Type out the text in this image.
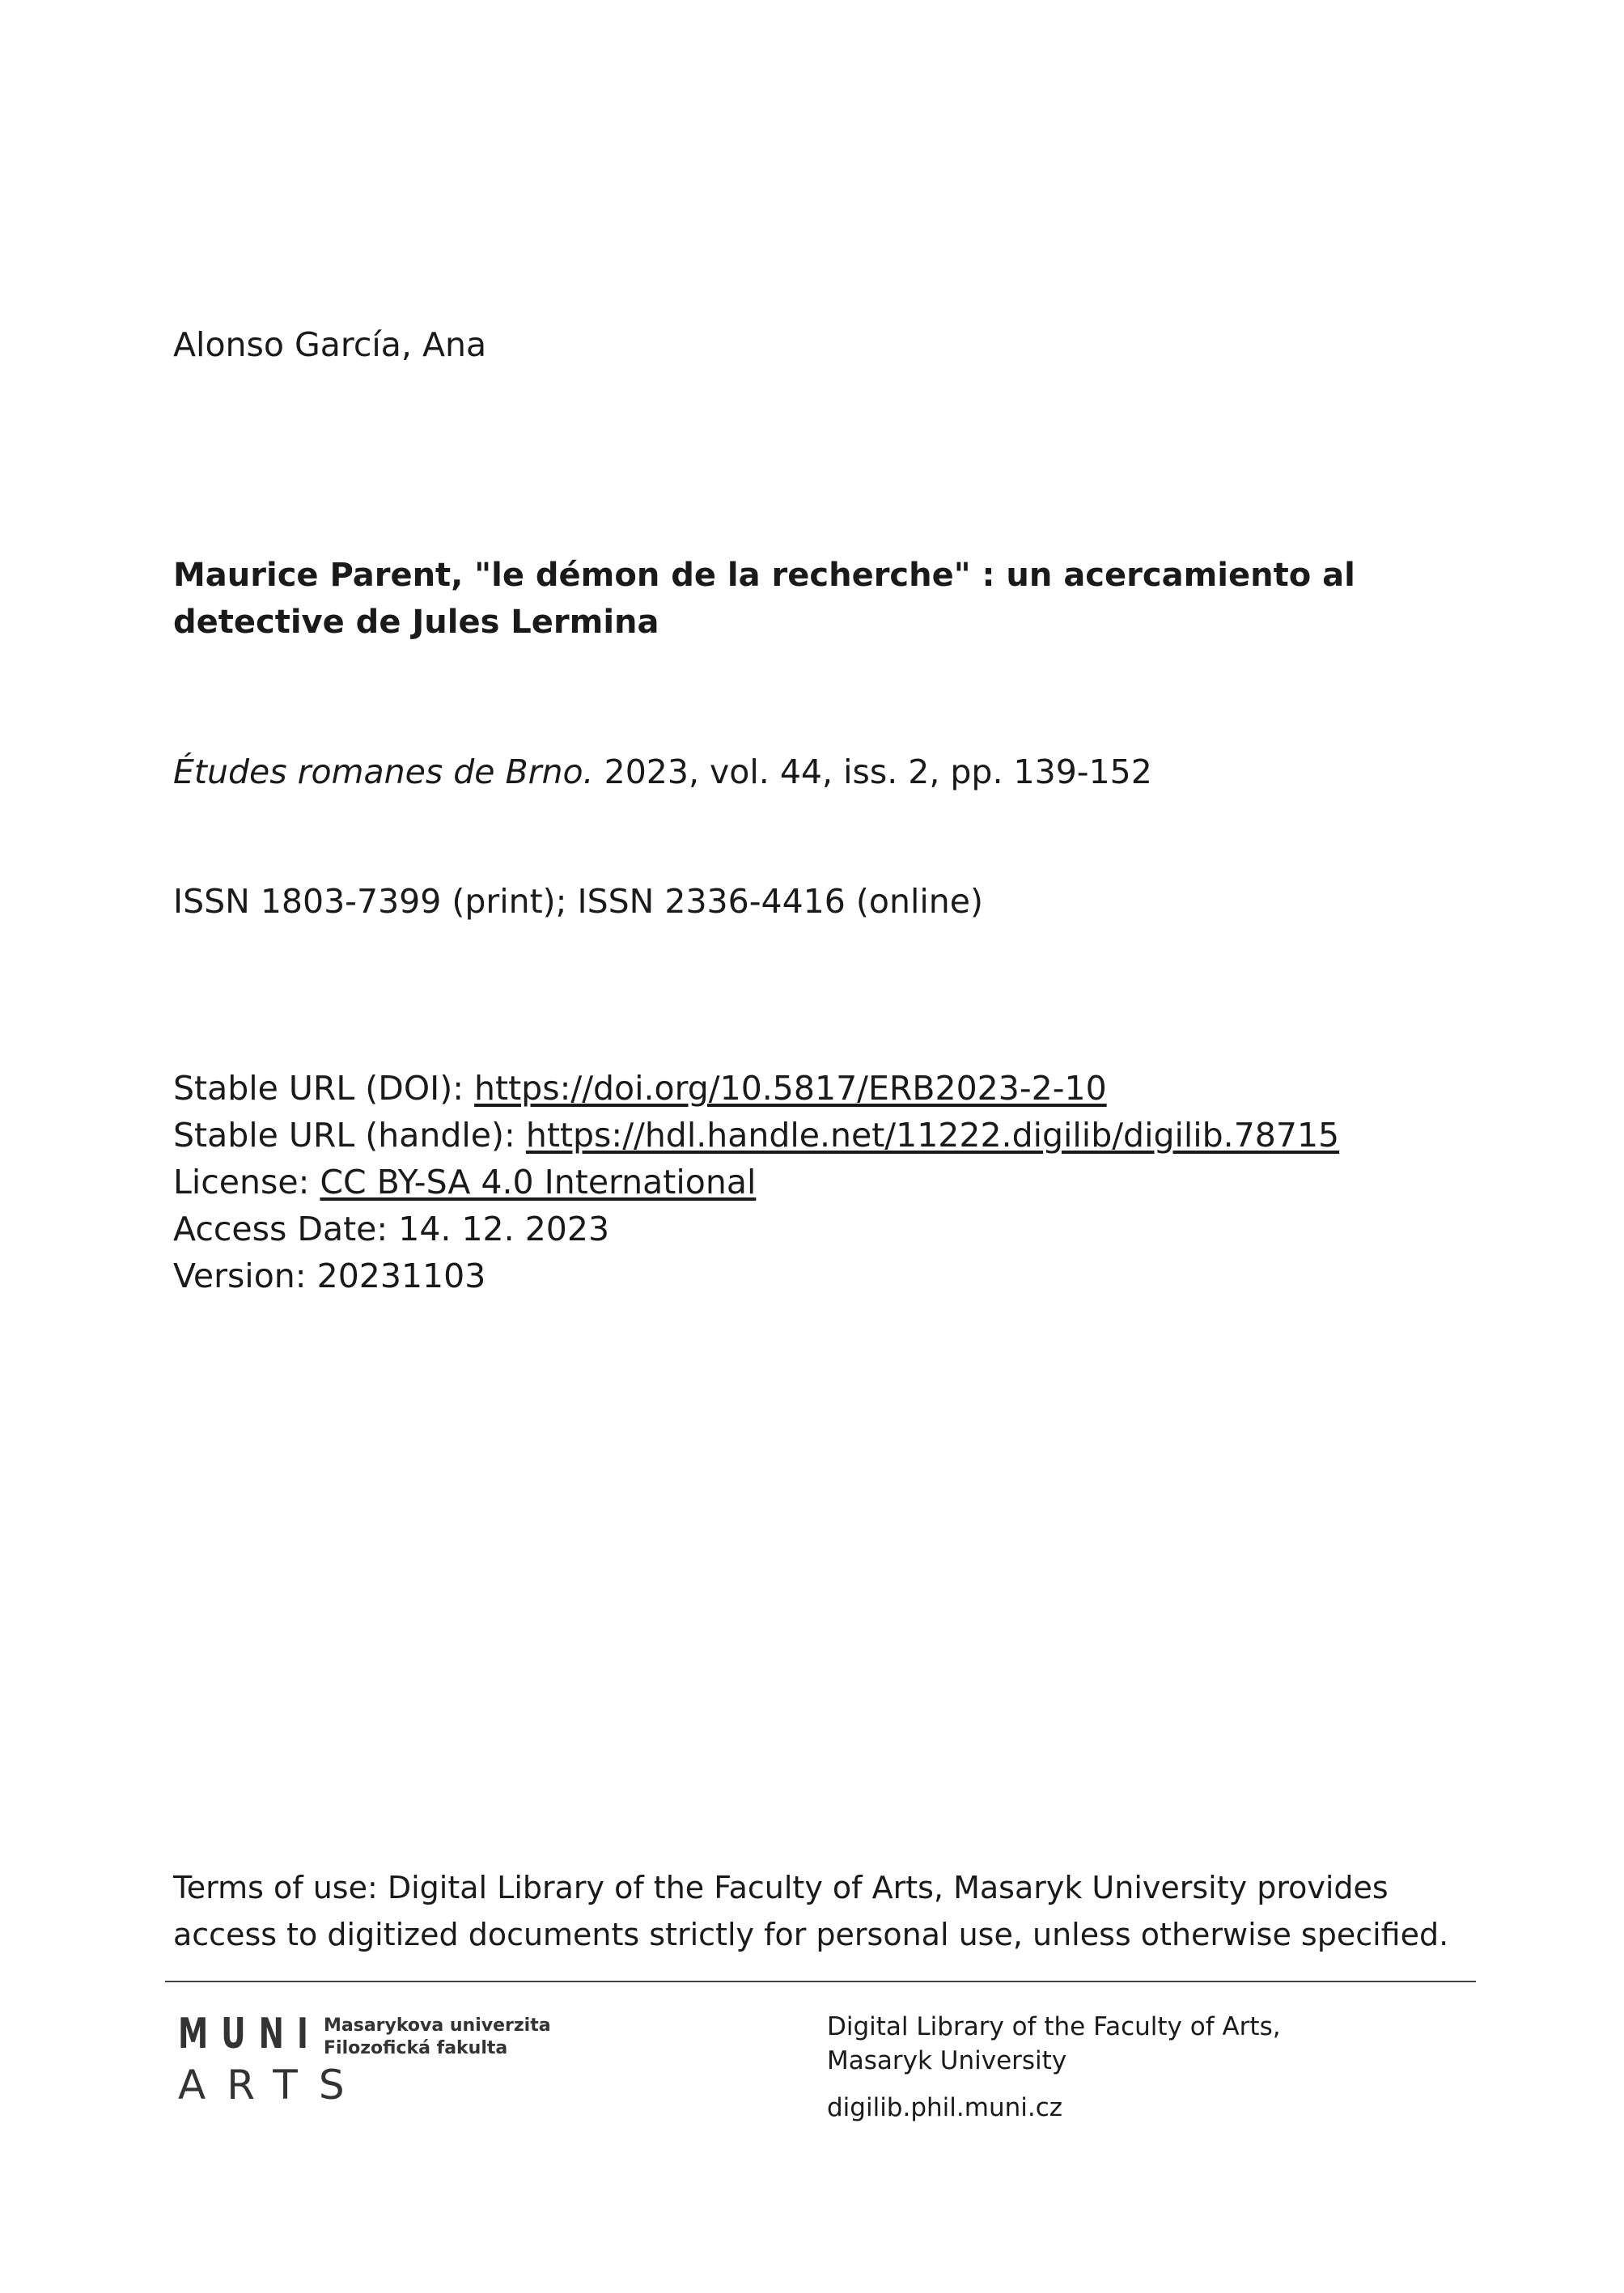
Alonso García, Ana
Maurice Parent, "le démon de la recherche" : un acercamiento al detective de Jules Lermina
Études romanes de Brno. 2023, vol. 44, iss. 2, pp. 139-152
ISSN 1803-7399 (print); ISSN 2336-4416 (online)
Stable URL (DOI): https://doi.org/10.5817/ERB2023-2-10
Stable URL (handle): https://hdl.handle.net/11222.digilib/digilib.78715
License: CC BY-SA 4.0 International
Access Date: 14. 12. 2023
Version: 20231103
Terms of use: Digital Library of the Faculty of Arts, Masaryk University provides access to digitized documents strictly for personal use, unless otherwise specified.
MUNI
ARTS
Masarykova univerzita
Filozofická fakulta
Digital Library of the Faculty of Arts,
Masaryk University
digilib.phil.muni.cz
